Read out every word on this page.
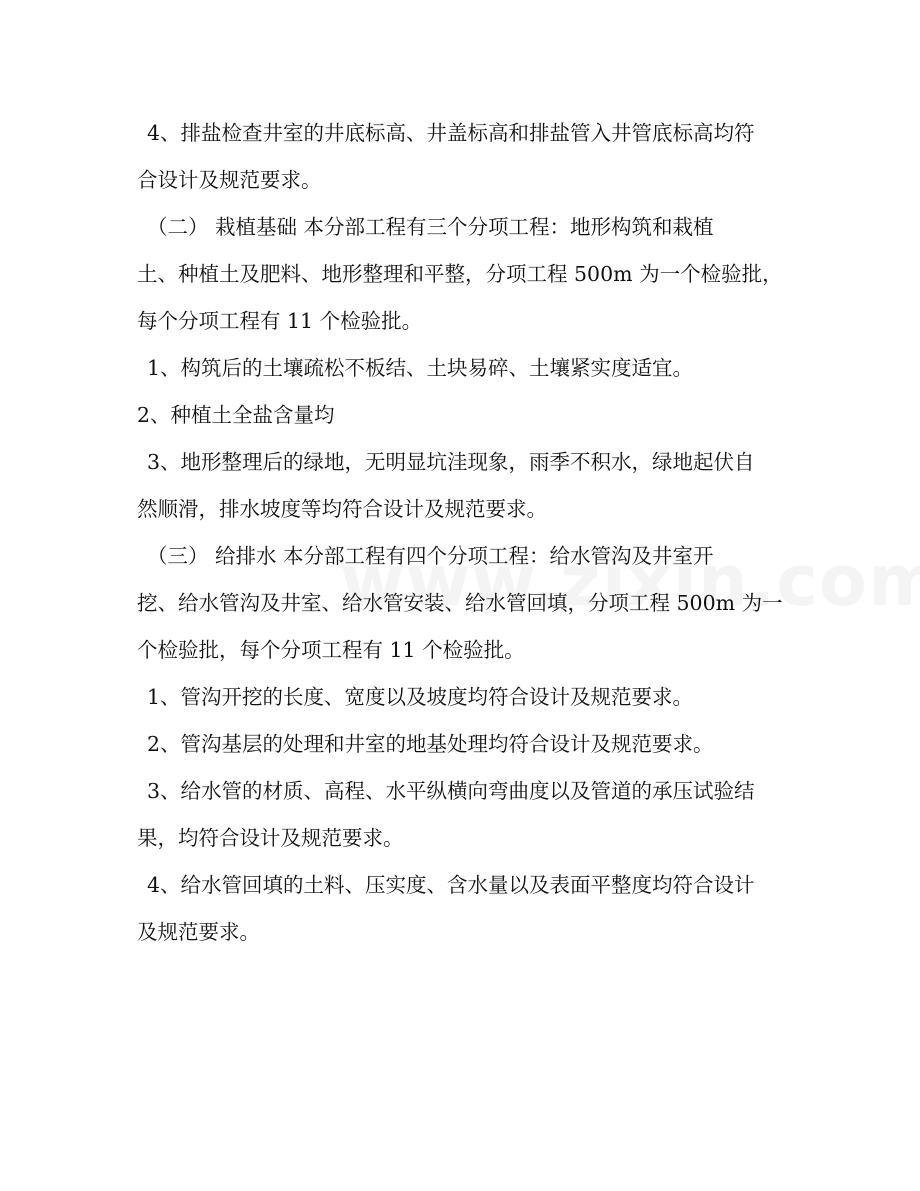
4、排盐检查井室的井底标高、井盖标高和排盐管入井管底标高均符
合设计及规范要求。
（二） 栽植基础 本分部工程有三个分项工程：地形构筑和栽植
土、种植土及肥料、地形整理和平整，分项工程 500m 为一个检验批，
每个分项工程有 11 个检验批。
1、构筑后的土壤疏松不板结、土块易碎、土壤紧实度适宜。
2、种植土全盐含量均
3、地形整理后的绿地，无明显坑洼现象，雨季不积水，绿地起伏自
然顺滑，排水坡度等均符合设计及规范要求。
（三） 给排水 本分部工程有四个分项工程：给水管沟及井室开
挖、给水管沟及井室、给水管安装、给水管回填，分项工程 500m 为一
个检验批，每个分项工程有 11 个检验批。
1、管沟开挖的长度、宽度以及坡度均符合设计及规范要求。
2、管沟基层的处理和井室的地基处理均符合设计及规范要求。
3、给水管的材质、高程、水平纵横向弯曲度以及管道的承压试验结
果，均符合设计及规范要求。
4、给水管回填的土料、压实度、含水量以及表面平整度均符合设计
及规范要求。
